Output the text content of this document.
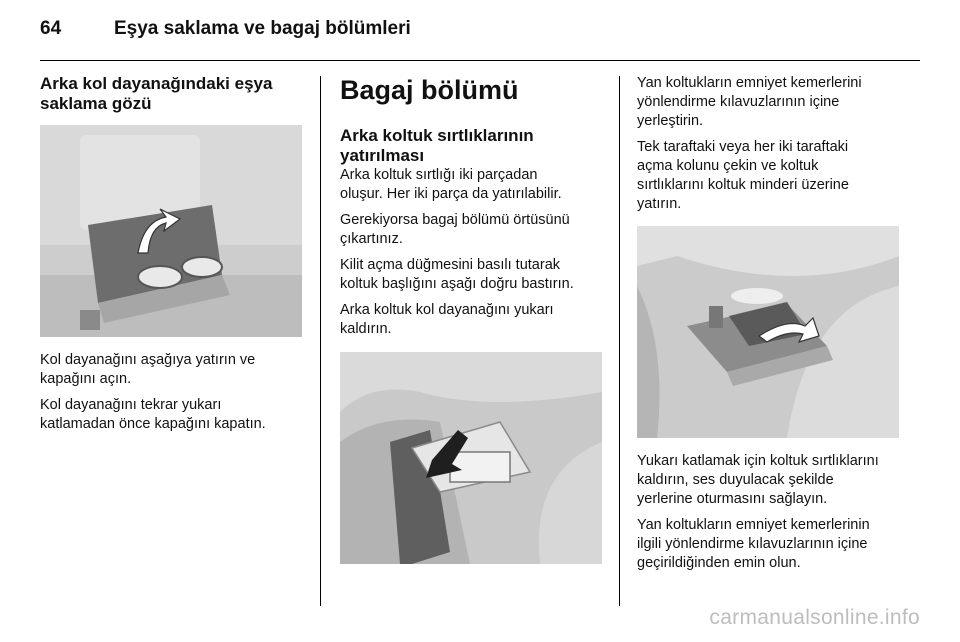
64	Eşya saklama ve bagaj bölümleri
Arka kol dayanağındaki eşya
saklama gözü

Kol dayanağını aşağıya yatırın ve
kapağını açın.

Kol dayanağını tekrar yukarı
katlamadan önce kapağını kapatın.

Bagaj bölümü
Arka koltuk sırtlıklarının
yatırılması

Arka koltuk sırtlığı iki parçadan
oluşur. Her iki parça da yatırılabilir.

Gerekiyorsa bagaj bölümü örtüsünü
çıkartınız.

Kilit açma düğmesini basılı tutarak
koltuk başlığını aşağı doğru bastırın.

Arka koltuk kol dayanağını yukarı
kaldırın.

Yan koltukların emniyet kemerlerini
yönlendirme kılavuzlarının içine
yerleştirin.

Tek taraftaki veya her iki taraftaki
açma kolunu çekin ve koltuk
sırtlıklarını koltuk minderi üzerine
yatırın.

Yukarı katlamak için koltuk sırtlıklarını
kaldırın, ses duyulacak şekilde
yerlerine oturmasını sağlayın.

Yan koltukların emniyet kemerlerinin
ilgili yönlendirme kılavuzlarının içine
geçirildiğinden emin olun.

carmanualsonline.info
